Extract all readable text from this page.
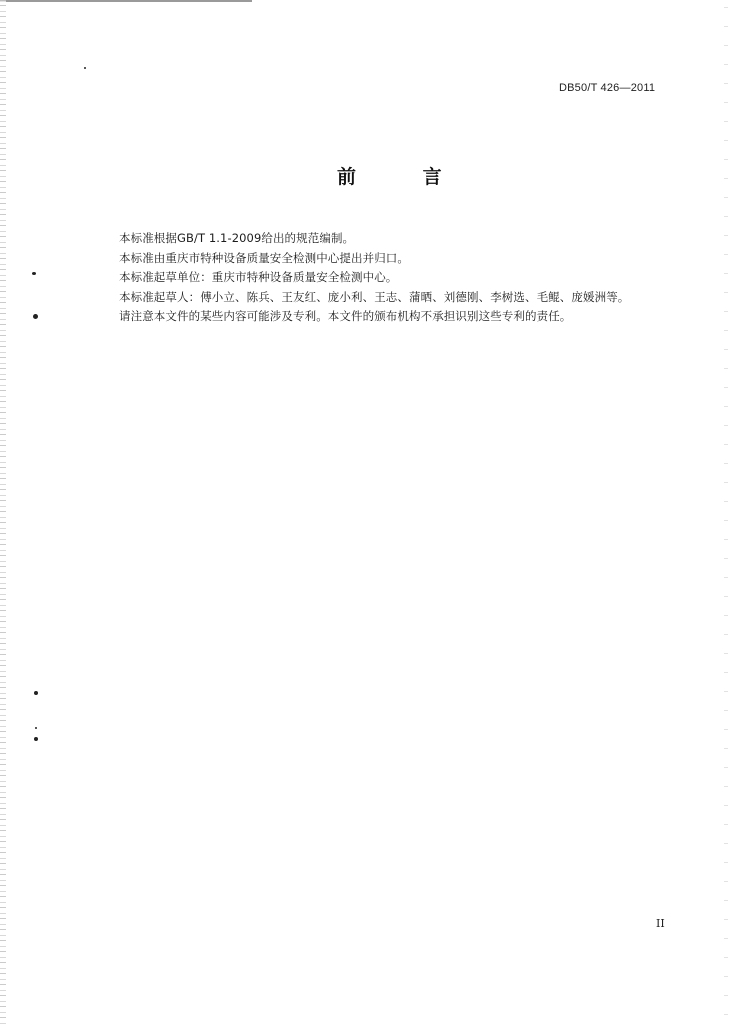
DB50/T 426—2011
前 言
本标准根据GB/T 1.1-2009给出的规范编制。
本标准由重庆市特种设备质量安全检测中心提出并归口。
本标准起草单位：重庆市特种设备质量安全检测中心。
本标准起草人：傅小立、陈兵、王友红、庞小利、王志、蒲晒、刘德刚、李树选、毛鲲、庞媛洲等。
请注意本文件的某些内容可能涉及专利。本文件的颁布机构不承担识别这些专利的责任。
II
